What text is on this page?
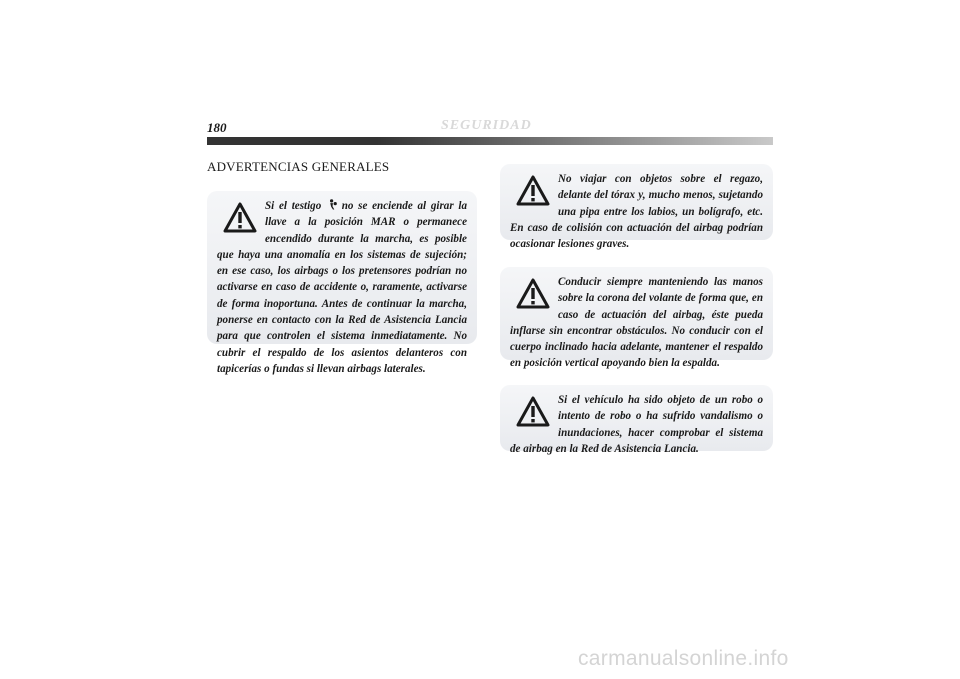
180	SEGURIDAD
ADVERTENCIAS GENERALES
Si el testigo  no se enciende al girar la llave a la posición MAR o permanece encendido durante la marcha, es posible que haya una anomalía en los sistemas de sujeción; en ese caso, los airbags o los pretensores podrían no activarse en caso de accidente o, raramente, activarse de forma inoportuna. Antes de continuar la marcha, ponerse en contacto con la Red de Asistencia Lancia para que controlen el sistema inmediatamente. No cubrir el respaldo de los asientos delanteros con tapicerías o fundas si llevan airbags laterales.
No viajar con objetos sobre el regazo, delante del tórax y, mucho menos, sujetando una pipa entre los labios, un bolígrafo, etc. En caso de colisión con actuación del airbag podrían ocasionar lesiones graves.
Conducir siempre manteniendo las manos sobre la corona del volante de forma que, en caso de actuación del airbag, éste pueda inflarse sin encontrar obstáculos. No conducir con el cuerpo inclinado hacia adelante, mantener el respaldo en posición vertical apoyando bien la espalda.
Si el vehículo ha sido objeto de un robo o intento de robo o ha sufrido vandalismo o inundaciones, hacer comprobar el sistema de airbag en la Red de Asistencia Lancia.
carmanualsonline.info
